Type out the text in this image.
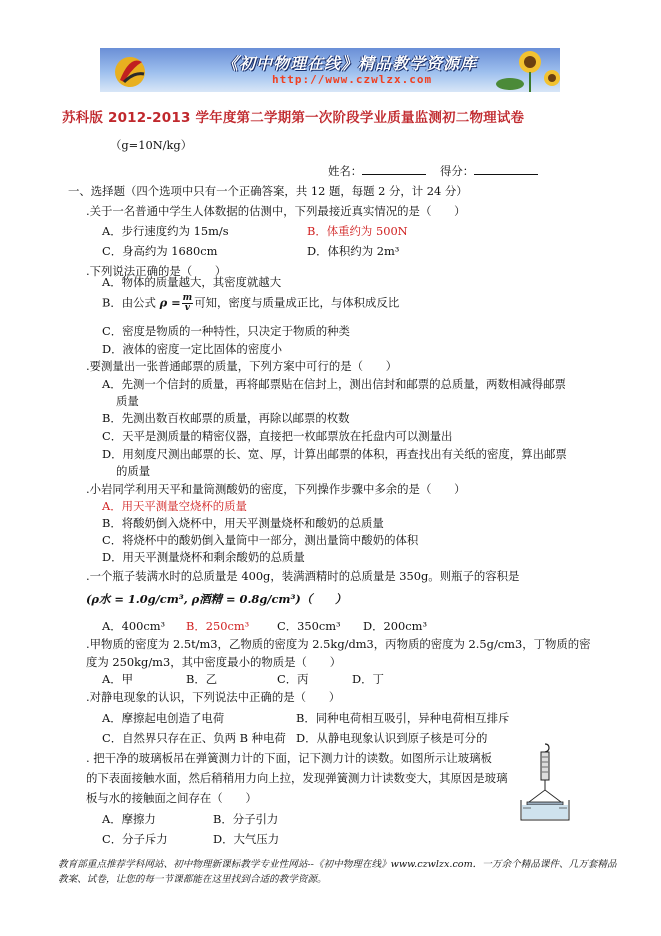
《初中物理在线》精品教学资源库
http://www.czwlzx.com
苏科版 2012-2013 学年度第二学期第一次阶段学业质量监测初二物理试卷
（g=10N/kg）
姓名：	得分：
一、选择题（四个选项中只有一个正确答案，共 12 题，每题 2 分，计 24 分）
.关于一名普通中学生人体数据的估测中，下列最接近真实情况的是（　　）
A．步行速度约为 15m/s	B．体重约为 500N
C．身高约为 1680cm	D．体积约为 2m³
.下列说法正确的是（　　）
A．物体的质量越大，其密度就越大
B．由公式 $\rho = \frac{m}{v}$ 可知，密度与质量成正比，与体积成反比
C．密度是物质的一种特性，只决定于物质的种类
D．液体的密度一定比固体的密度小
.要测量出一张普通邮票的质量，下列方案中可行的是（　　）
A．先测一个信封的质量，再将邮票贴在信封上，测出信封和邮票的总质量，两数相减得邮票
质量
B．先测出数百枚邮票的质量，再除以邮票的枚数
C．天平是测质量的精密仪器，直接把一枚邮票放在托盘内可以测量出
D．用刻度尺测出邮票的长、宽、厚，计算出邮票的体积，再查找出有关纸的密度，算出邮票
的质量
.小岩同学利用天平和量筒测酸奶的密度，下列操作步骤中多余的是（　　）
A．用天平测量空烧杯的质量
B．将酸奶倒入烧杯中，用天平测量烧杯和酸奶的总质量
C．将烧杯中的酸奶倒入量筒中一部分，测出量筒中酸奶的体积
D．用天平测量烧杯和剩余酸奶的总质量
.一个瓶子装满水时的总质量是 400g，装满酒精时的总质量是 350g。则瓶子的容积是
(ρ水 = 1.0g/cm³, ρ酒精 = 0.8g/cm³)（　　）
A．400cm³ B．250cm³ C．350cm³ D．200cm³
.甲物质的密度为 2.5t/m3，乙物质的密度为 2.5kg/dm3，丙物质的密度为 2.5g/cm3，丁物质的密
度为 250kg/m3，其中密度最小的物质是（　　）
A．甲	B．乙	C．丙	D．丁
.对静电现象的认识，下列说法中正确的是（　　）
A．摩擦起电创造了电荷	B．同种电荷相互吸引，异种电荷相互排斥
C．自然界只存在正、负两 B 种电荷 D．从静电现象认识到原子核是可分的
. 把干净的玻璃板吊在弹簧测力计的下面，记下测力计的读数。如图所示让玻璃板
的下表面接触水面，然后稍稍用力向上拉，发现弹簧测力计读数变大，其原因是玻璃
板与水的接触面之间存在（　　）
A．摩擦力	B．分子引力
C．分子斥力	D．大气压力
教育部重点推荐学科网站、初中物理新课标教学专业性网站--《初中物理在线》www.czwlzx.com．一万余个精品课件、几万套精品教案、试卷，让您的每一节课都能在这里找到合适的教学资源。
